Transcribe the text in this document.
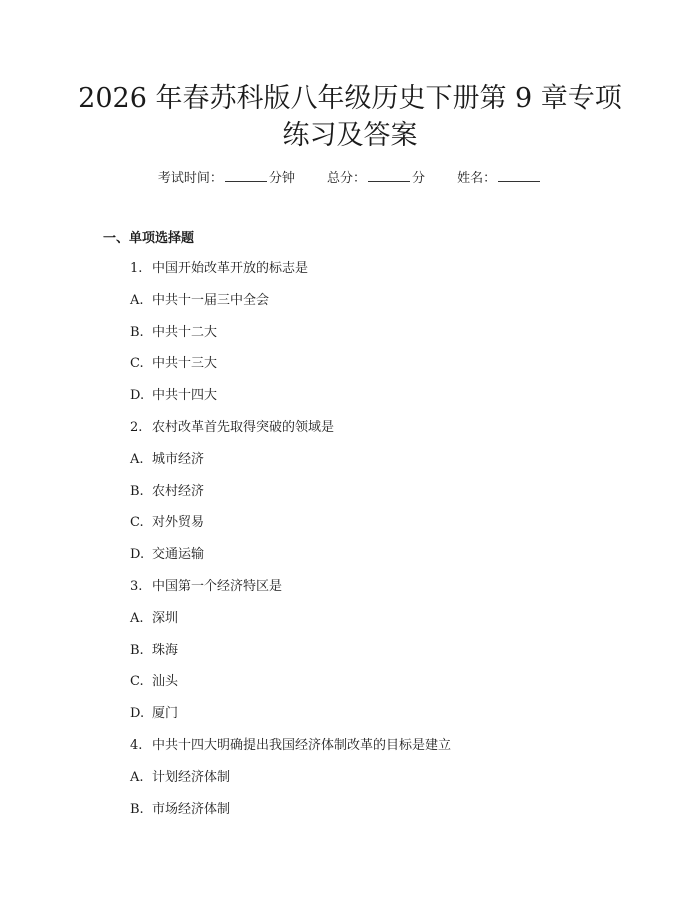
2026 年春苏科版八年级历史下册第 9 章专项
练习及答案
考试时间：	分钟 总分：	分 姓名：
一、单项选择题
1. 中国开始改革开放的标志是
A. 中共十一届三中全会
B. 中共十二大
C. 中共十三大
D. 中共十四大
2. 农村改革首先取得突破的领域是
A. 城市经济
B. 农村经济
C. 对外贸易
D. 交通运输
3. 中国第一个经济特区是
A. 深圳
B. 珠海
C. 汕头
D. 厦门
4. 中共十四大明确提出我国经济体制改革的目标是建立
A. 计划经济体制
B. 市场经济体制
